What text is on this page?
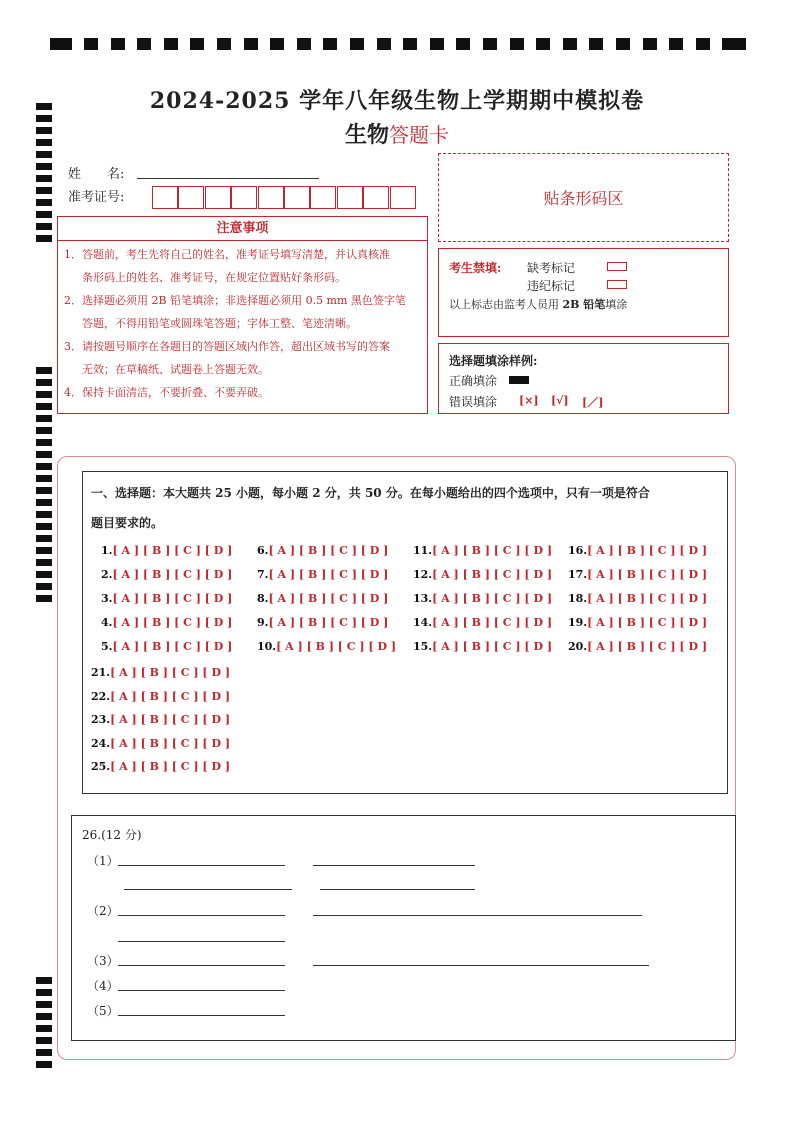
2024-2025 学年八年级生物上学期期中模拟卷
生物答题卡
姓　　名:
准考证号:	贴条形码区
注意事项

1．答题前，考生先将自己的姓名，准考证号填写清楚，并认真核准

条形码上的姓名、准考证号，在规定位置贴好条形码。

2．选择题必须用 2B 铅笔填涂；非选择题必须用 0.5 mm 黑色签字笔

答题，不得用铅笔或圆珠笔答题；字体工整、笔迹清晰。

3．请按题号顺序在各题目的答题区域内作答，超出区域书写的答案

无效；在草稿纸、试题卷上答题无效。

4．保持卡面清洁，不要折叠、不要弄破。

考生禁填: 缺考标记
违纪标记
以上标志由监考人员用 2B 铅笔填涂
选择题填涂样例:
正确填涂
错误填涂 [×] [√] [／]
一、选择题：本大题共 25 小题，每小题 2 分，共 50 分。在每小题给出的四个选项中，只有一项是符合
题目要求的。
1.[ A ] [ B ] [ C ] [ D ]
2.[ A ] [ B ] [ C ] [ D ]
3.[ A ] [ B ] [ C ] [ D ]
4.[ A ] [ B ] [ C ] [ D ]
5.[ A ] [ B ] [ C ] [ D ]
6.[ A ] [ B ] [ C ] [ D ]
7.[ A ] [ B ] [ C ] [ D ]
8.[ A ] [ B ] [ C ] [ D ]
9.[ A ] [ B ] [ C ] [ D ]
10.[ A ] [ B ] [ C ] [ D ]
11.[ A ] [ B ] [ C ] [ D ]
12.[ A ] [ B ] [ C ] [ D ]
13.[ A ] [ B ] [ C ] [ D ]
14.[ A ] [ B ] [ C ] [ D ]
15.[ A ] [ B ] [ C ] [ D ]
16.[ A ] [ B ] [ C ] [ D ]
17.[ A ] [ B ] [ C ] [ D ]
18.[ A ] [ B ] [ C ] [ D ]
19.[ A ] [ B ] [ C ] [ D ]
20.[ A ] [ B ] [ C ] [ D ]
21.[ A ] [ B ] [ C ] [ D ]
22.[ A ] [ B ] [ C ] [ D ]
23.[ A ] [ B ] [ C ] [ D ]
24.[ A ] [ B ] [ C ] [ D ]
25.[ A ] [ B ] [ C ] [ D ]
26.(12 分)
（1）
（2）
（3）
（4）
（5）
